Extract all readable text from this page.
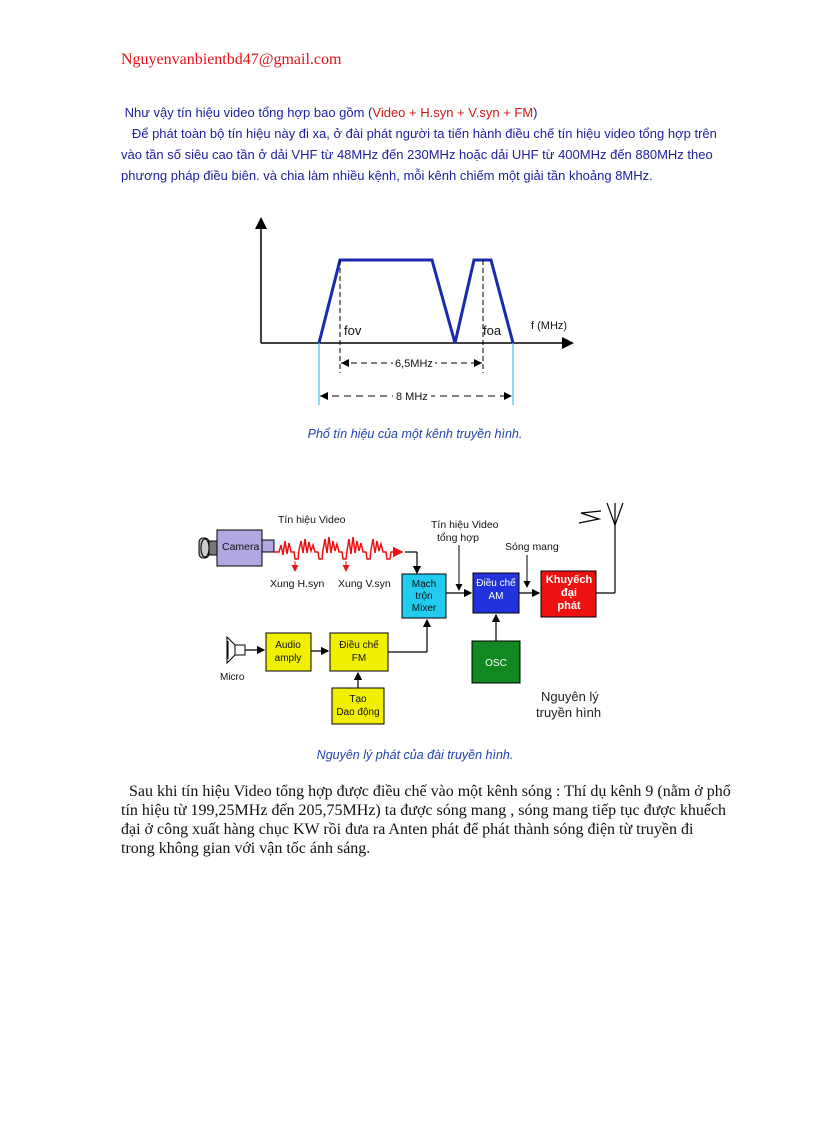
Nguyenvanbientbd47@gmail.com

Như vậy tín hiệu video tổng hợp bao gồm (Video + H.syn + V.syn + FM)

Để phát toàn bộ tín hiệu này đi xa, ở đài phát người ta tiến hành điều chế tín hiệu video tổng hợp trên vào tần số siêu cao tần ở dải VHF từ 48MHz đến 230MHz hoặc dải UHF từ 400MHz đến 880MHz theo phương pháp điều biên. và chia làm nhiều kệnh, mỗi kênh chiếm một giải tần khoảng 8MHz.

fov	foa	f (MHz)
6,5MHz
8 MHz
Phổ tín hiệu của một kênh truyền hình.
Camera
Tín hiệu Video
Xung H.syn Xung V.syn
Tín hiệu Video
tổng hợp
Mạch
trộn
Mixer
Điều chế
AM
Sóng mang
Khuyếch
đại
phát
OSC
Micro
Audio
amply
Điều chế
FM
Tạo
Dao động
Nguyên lý
truyền hình
Nguyên lý phát của đài truyền hình.

Sau khi tín hiệu Video tổng hợp được điều chế vào một kênh sóng : Thí dụ kênh 9 (nằm ở phổ tín hiệu từ 199,25MHz đến 205,75MHz) ta được sóng mang , sóng mang tiếp tục được khuếch đại ở công xuất hàng chục KW rồi đưa ra Anten phát để phát thành sóng điện từ truyền đi trong không gian với vận tốc ánh sáng.
